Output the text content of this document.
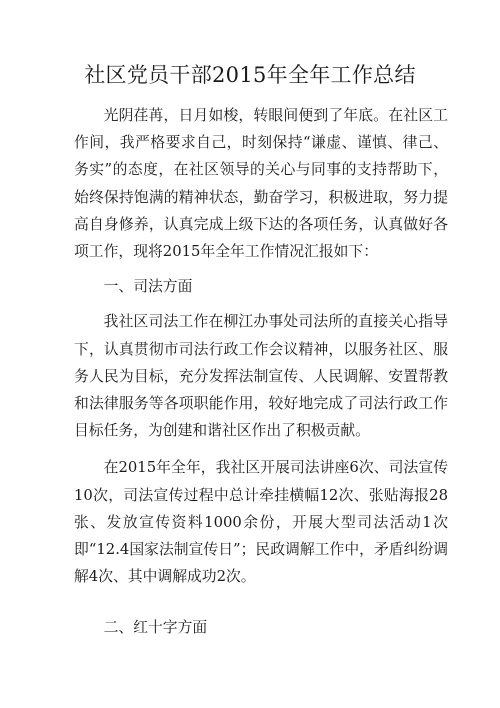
社区党员干部2015年全年工作总结

光阴荏苒，日月如梭，转眼间便到了年底。在社区工作间，我严格要求自己，时刻保持“谦虚、谨慎、律己、务实”的态度，在社区领导的关心与同事的支持帮助下，始终保持饱满的精神状态，勤奋学习，积极进取，努力提高自身修养，认真完成上级下达的各项任务，认真做好各项工作，现将2015年全年工作情况汇报如下：

一、司法方面

我社区司法工作在柳江办事处司法所的直接关心指导下，认真贯彻市司法行政工作会议精神，以服务社区、服务人民为目标，充分发挥法制宣传、人民调解、安置帮教和法律服务等各项职能作用，较好地完成了司法行政工作目标任务，为创建和谐社区作出了积极贡献。

在2015年全年，我社区开展司法讲座6次、司法宣传10次，司法宣传过程中总计牵挂横幅12次、张贴海报28张、发放宣传资料1000余份，开展大型司法活动1次即“12.4国家法制宣传日”；民政调解工作中，矛盾纠纷调解4次、其中调解成功2次。

二、红十字方面
